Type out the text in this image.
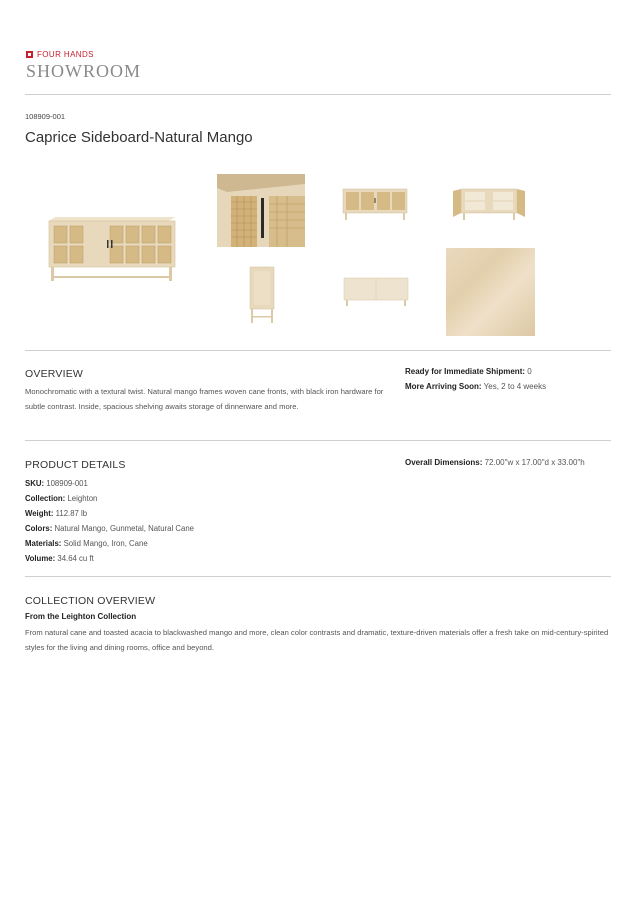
FOUR HANDS
SHOWROOM
108909-001
Caprice Sideboard-Natural Mango
OVERVIEW
Monochromatic with a textural twist. Natural mango frames woven cane fronts, with black iron hardware for subtle contrast. Inside, spacious shelving awaits storage of dinnerware and more.
Ready for Immediate Shipment: 0
More Arriving Soon: Yes, 2 to 4 weeks
PRODUCT DETAILS
SKU: 108909-001
Collection: Leighton
Weight: 112.87 lb
Colors: Natural Mango, Gunmetal, Natural Cane
Materials: Solid Mango, Iron, Cane
Volume: 34.64 cu ft
Overall Dimensions: 72.00"w x 17.00"d x 33.00"h
COLLECTION OVERVIEW
From the Leighton Collection
From natural cane and toasted acacia to blackwashed mango and more, clean color contrasts and dramatic, texture-driven materials offer a fresh take on mid-century-spirited styles for the living and dining rooms, office and beyond.
